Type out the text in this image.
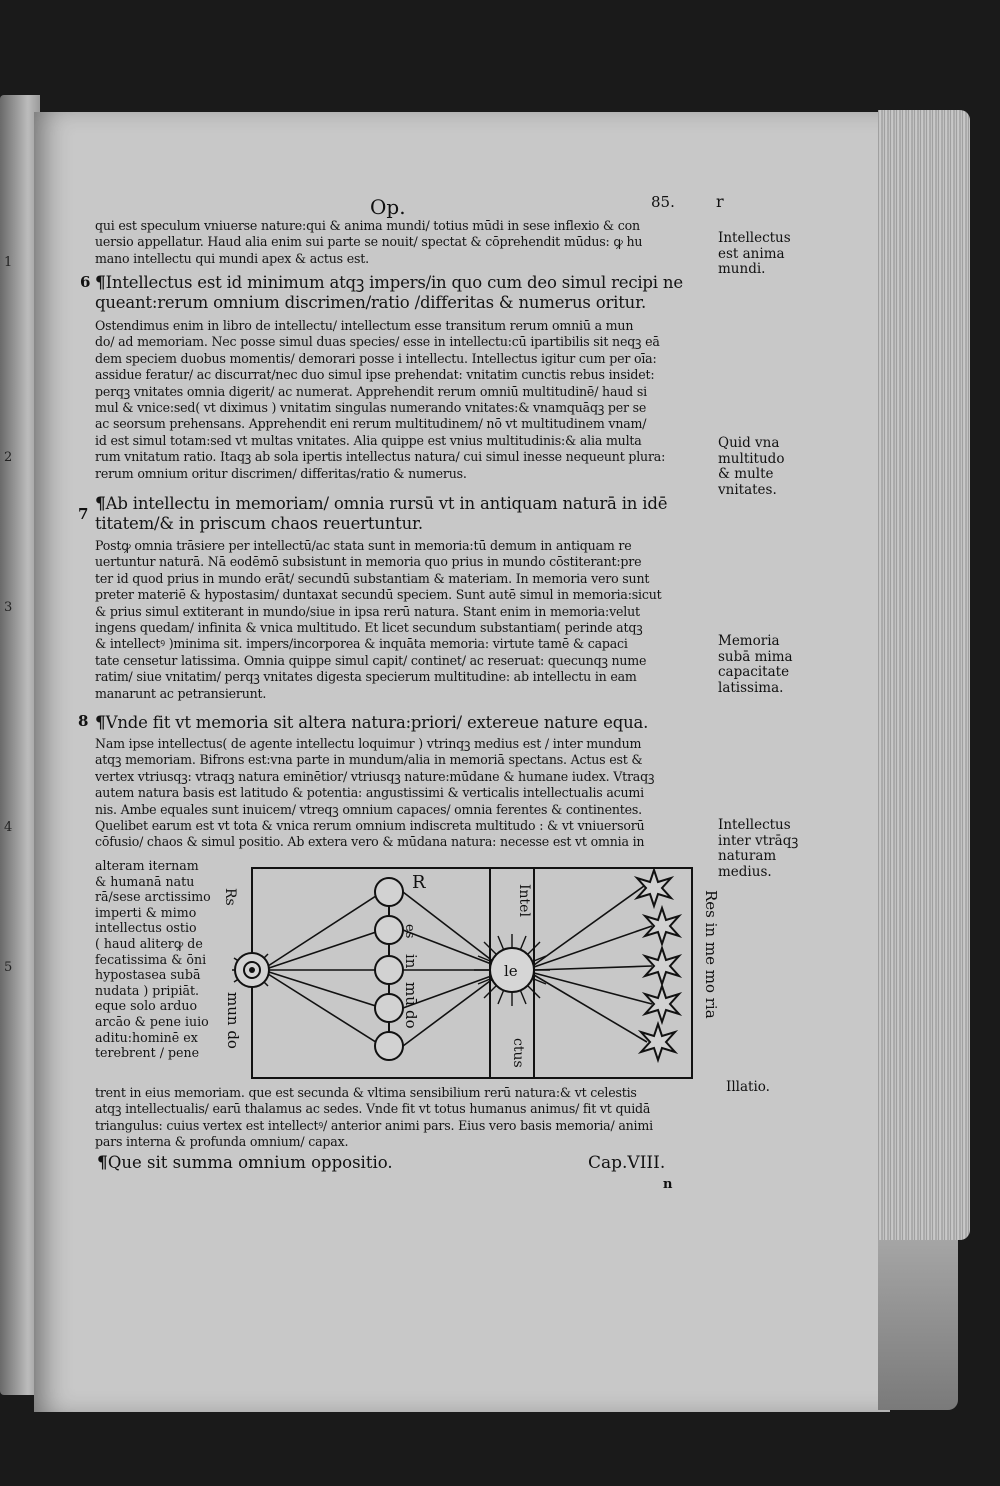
1
2
3
4
5
Op.	85.	r
qui est speculum vniuerse nature:qui & anima mundi/ totius mūdi in sese inflexio & con
uersio appellatur. Haud alia enim sui parte se nouit/ spectat & cōprehendit mūdus: ꝙ hu
mano intellectu qui mundi apex & actus est.
6 ¶Intellectus est id minimum atqꝫ impers/in quo cum deo simul recipi ne
queant:rerum omnium discrimen/ratio /differitas & numerus oritur.
Ostendimus enim in libro de intellectu/ intellectum esse transitum rerum omniū a mun
do/ ad memoriam. Nec posse simul duas species/ esse in intellectu:cū ipartibilis sit neqꝫ eā
dem speciem duobus momentis/ demorari posse i intellectu. Intellectus igitur cum per oīa:
assidue feratur/ ac discurrat/nec duo simul ipse prehendat: vnitatim cunctis rebus insidet:
perqꝫ vnitates omnia digerit/ ac numerat. Apprehendit rerum omniū multitudinē/ haud si
mul & vnice:sed( vt diximus ) vnitatim singulas numerando vnitates:& vnamquāqꝫ per se
ac seorsum prehensans. Apprehendit eni rerum multitudinem/ nō vt multitudinem vnam/
id est simul totam:sed vt multas vnitates. Alia quippe est vnius multitudinis:& alia multa
rum vnitatum ratio. Itaqꝫ ab sola ipertis intellectus natura/ cui simul inesse nequeunt plura:
rerum omnium oritur discrimen/ differitas/ratio & numerus.
7 ¶Ab intellectu in memoriam/ omnia rursū vt in antiquam naturā in idē
titatem/& in priscum chaos reuertuntur.
Postꝙ omnia trāsiere per intellectū/ac stata sunt in memoria:tū demum in antiquam re
uertuntur naturā. Nā eodēmō subsistunt in memoria quo prius in mundo cōstiterant:pre
ter id quod prius in mundo erāt/ secundū substantiam & materiam. In memoria vero sunt
preter materiē & hypostasim/ duntaxat secundū speciem. Sunt autē simul in memoria:sicut
& prius simul extiterant in mundo/siue in ipsa rerū natura. Stant enim in memoria:velut
ingens quedam/ infinita & vnica multitudo. Et licet secundum substantiam( perinde atqꝫ
& intellectꝰ )minima sit. impers/incorporea & inquāta memoria: virtute tamē & capaci
tate censetur latissima. Omnia quippe simul capit/ continet/ ac reseruat: quecunqꝫ nume
ratim/ siue vnitatim/ perqꝫ vnitates digesta specierum multitudine: ab intellectu in eam
manarunt ac petransierunt.
8 ¶Vnde fit vt memoria sit altera natura:priori/ extereue nature equa.
Nam ipse intellectus( de agente intellectu loquimur ) vtrinqꝫ medius est / inter mundum
atqꝫ memoriam. Bifrons est:vna parte in mundum/alia in memoriā spectans. Actus est &
vertex vtriusqꝫ: vtraqꝫ natura eminētior/ vtriusqꝫ nature:mūdane & humane iudex. Vtraqꝫ
autem natura basis est latitudo & potentia: angustissimi & verticalis intellectualis acumi
nis. Ambe equales sunt inuicem/ vtreqꝫ omnium capaces/ omnia ferentes & continentes.
Quelibet earum est vt tota & vnica rerum omnium indiscreta multitudo : & vt vniuersorū
cōfusio/ chaos & simul positio. Ab extera vero & mūdana natura: necesse est vt omnia in
alteram iternam
& humanā natu
rā/sese arctissimo
imperti & mimo
intellectus ostio
( haud aliterꝙ de
fecatissima & ōni
hypostasea subā
nudata ) pripiāt.
eque solo arduo
arcāo & pene iuio
aditu:hominē ex
terebrent / pene
R
es
in
mū
do
Intel
le
ctus
Res in me mo ria
mun do
Rs
trent in eius memoriam. que est secunda & vltima sensibilium rerū natura:& vt celestis
atqꝫ intellectualis/ earū thalamus ac sedes. Vnde fit vt totus humanus animus/ fit vt quidā
triangulus: cuius vertex est intellectꝰ/ anterior animi pars. Eius vero basis memoria/ animi
pars interna & profunda omnium/ capax.
Intellectus
est anima
mundi.
Quid vna
multitudo
& multe
vnitates.
Memoria
subā mima
capacitate
latissima.
Intellectus
inter vtrāqꝫ
naturam
medius.
Illatio.
¶Que sit summa omnium oppositio.	Cap.VIII.
n
